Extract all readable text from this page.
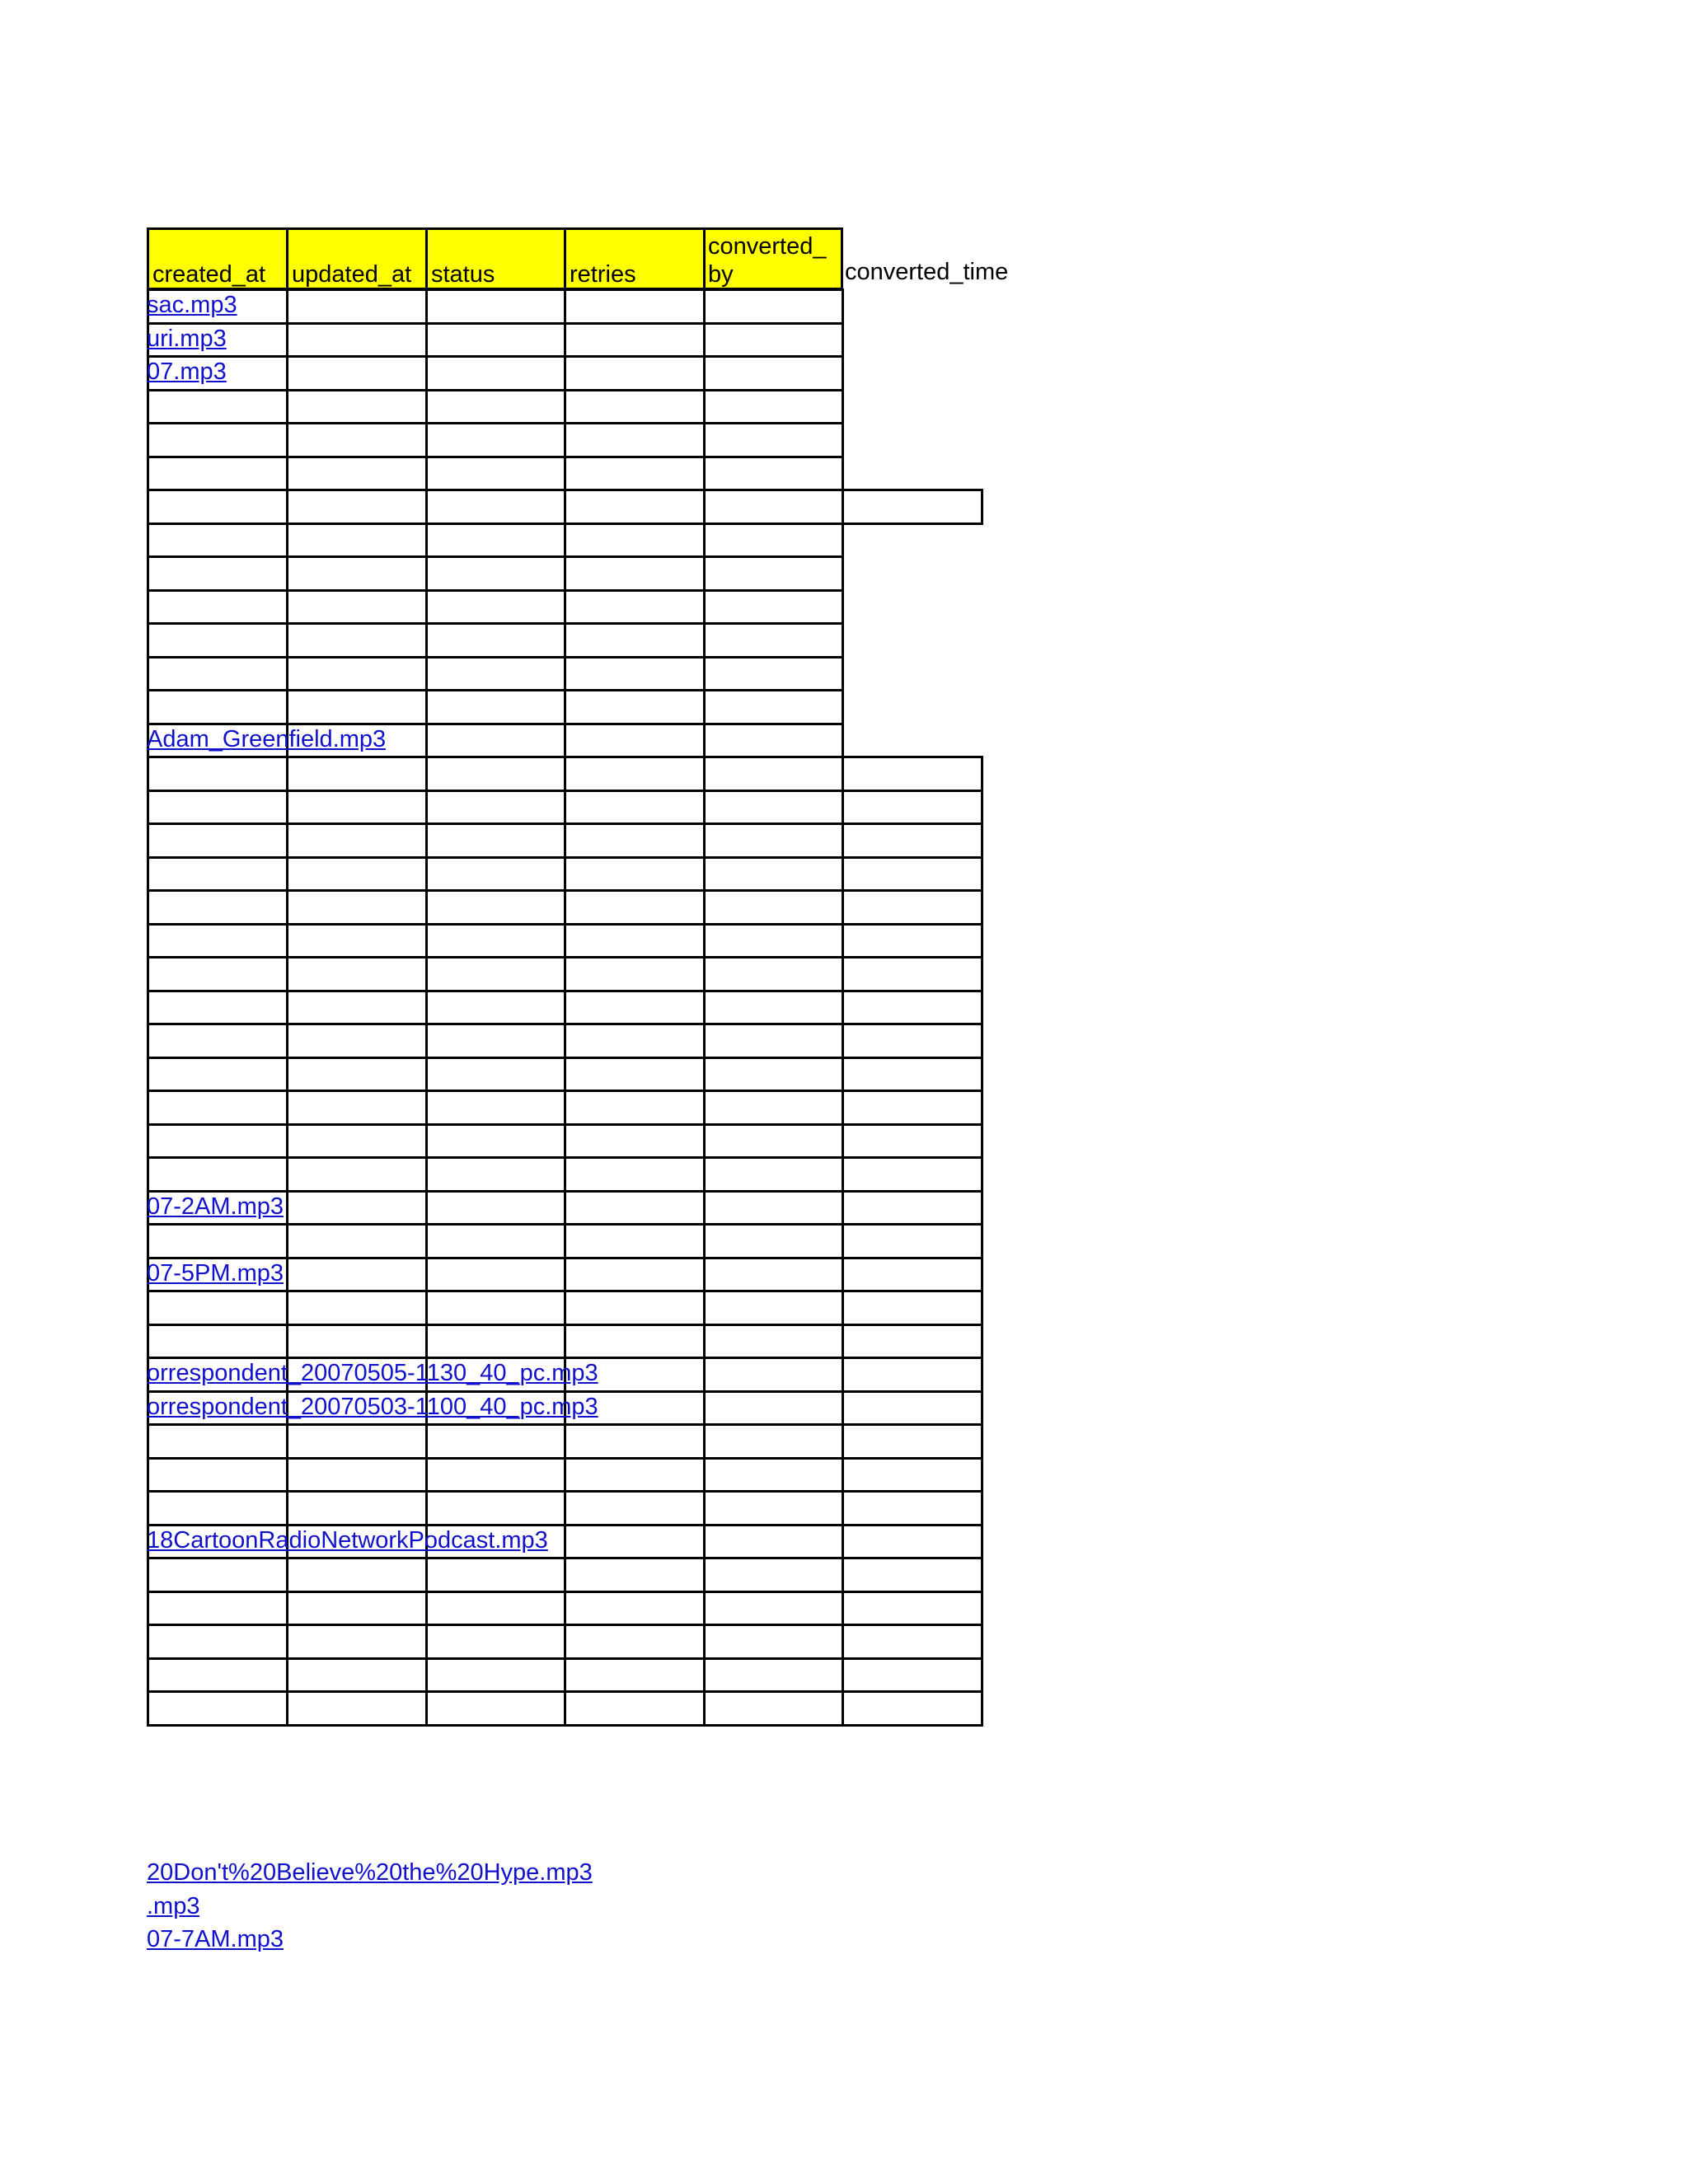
created_at updated_at status	retries
converted_
by	converted_time
sac.mp3
uri.mp3
07.mp3
Adam_Greenfield.mp3
07-2AM.mp3
07-5PM.mp3
orrespondent_20070505-1130_40_pc.mp3
orrespondent_20070503-1100_40_pc.mp3
18CartoonRadioNetworkPodcast.mp3
20Don't%20Believe%20the%20Hype.mp3
.mp3
07-7AM.mp3
